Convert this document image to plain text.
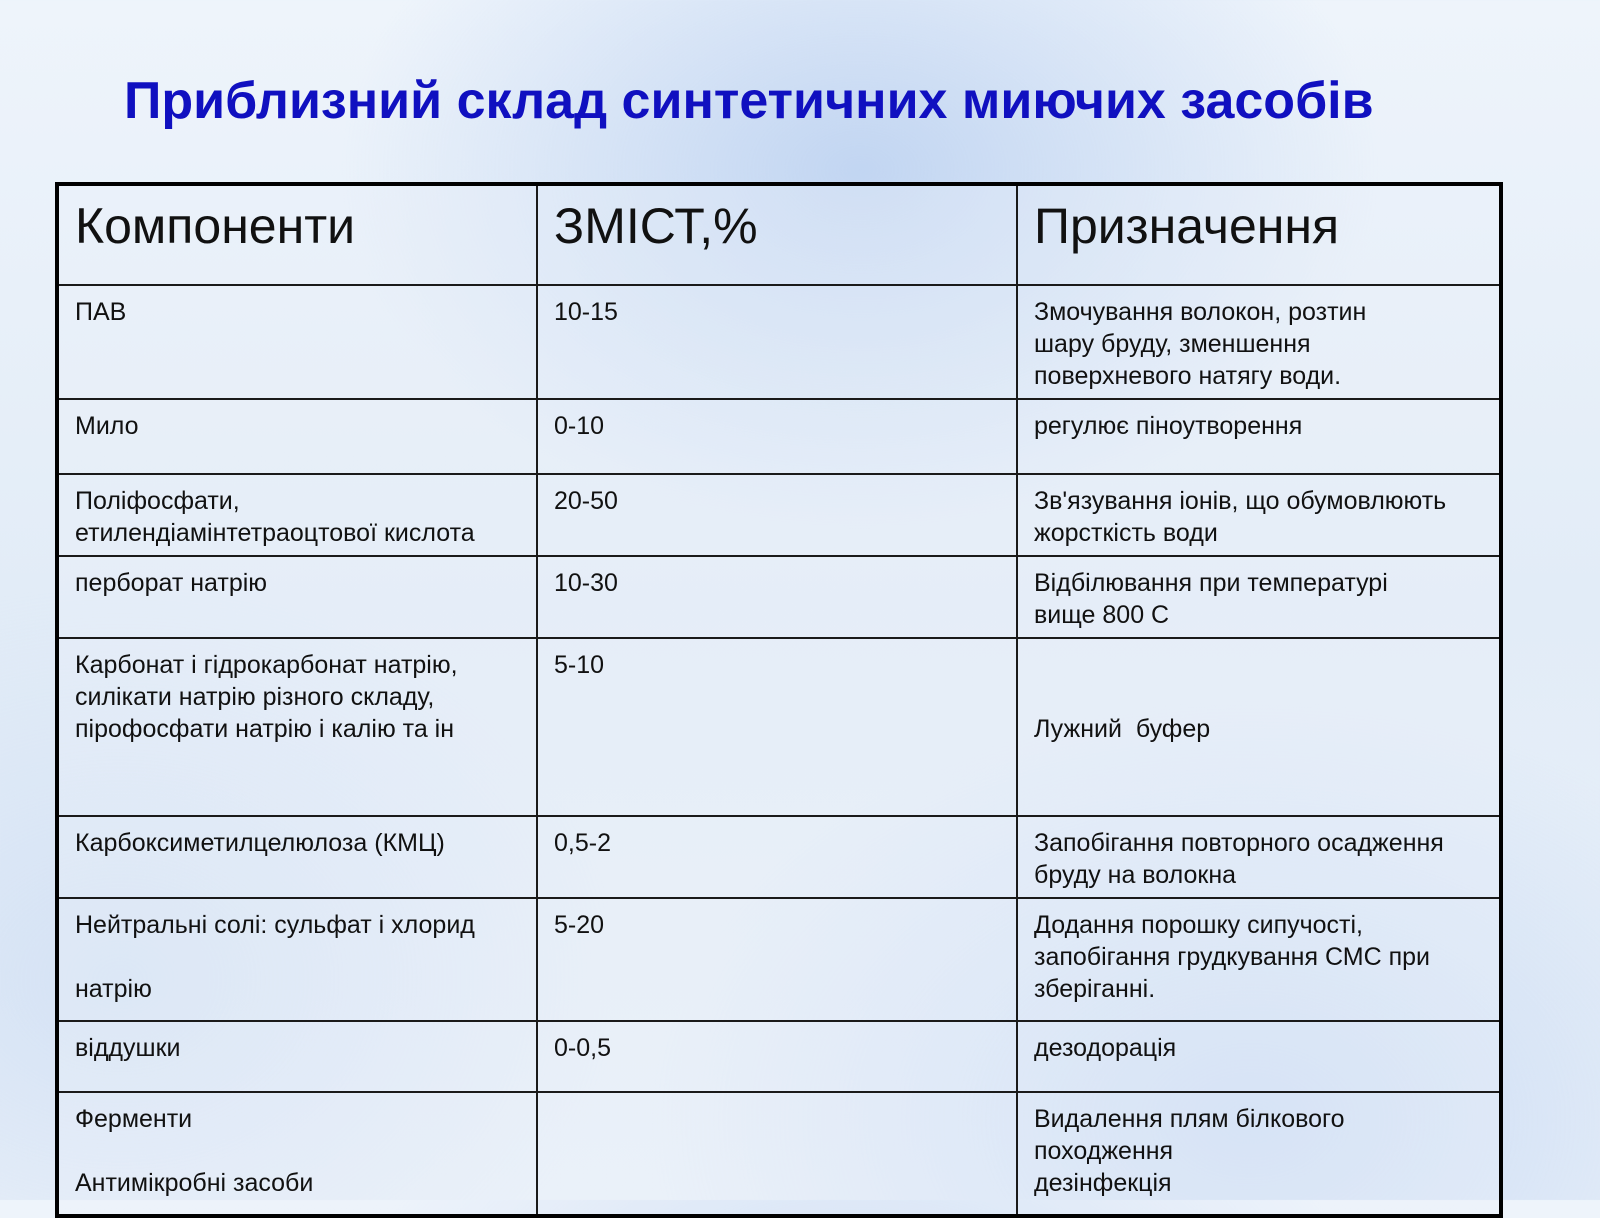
Приблизний склад синтетичних миючих засобів
Компоненти	ЗМІСТ,%	Призначення

ПАВ	10-15	Змочування волокон, розтин
шару бруду, зменшення
поверхневого натягу води.

Мило	0-10	регулює піноутворення

Поліфосфати,
етилендіамінтетраоцтової кислота	20-50	Зв'язування іонів, що обумовлюють
жорсткість води

перборат натрію	10-30	Відбілювання при температурі
вище 800 С

Карбонат і гідрокарбонат натрію,
силікати натрію різного складу,
пірофосфати натрію і калію та ін	5-10	Лужний  буфер

Карбоксиметилцелюлоза (КМЦ)	0,5-2	Запобігання повторного осадження
бруду на волокна

Нейтральні солі: сульфат і хлорид
натрію	5-20	Додання порошку сипучості,
запобігання грудкування СМС при
зберіганні.

віддушки	0-0,5	дезодорація

Ферменти
Антимікробні засоби		Видалення плям білкового
походження
дезінфекція
